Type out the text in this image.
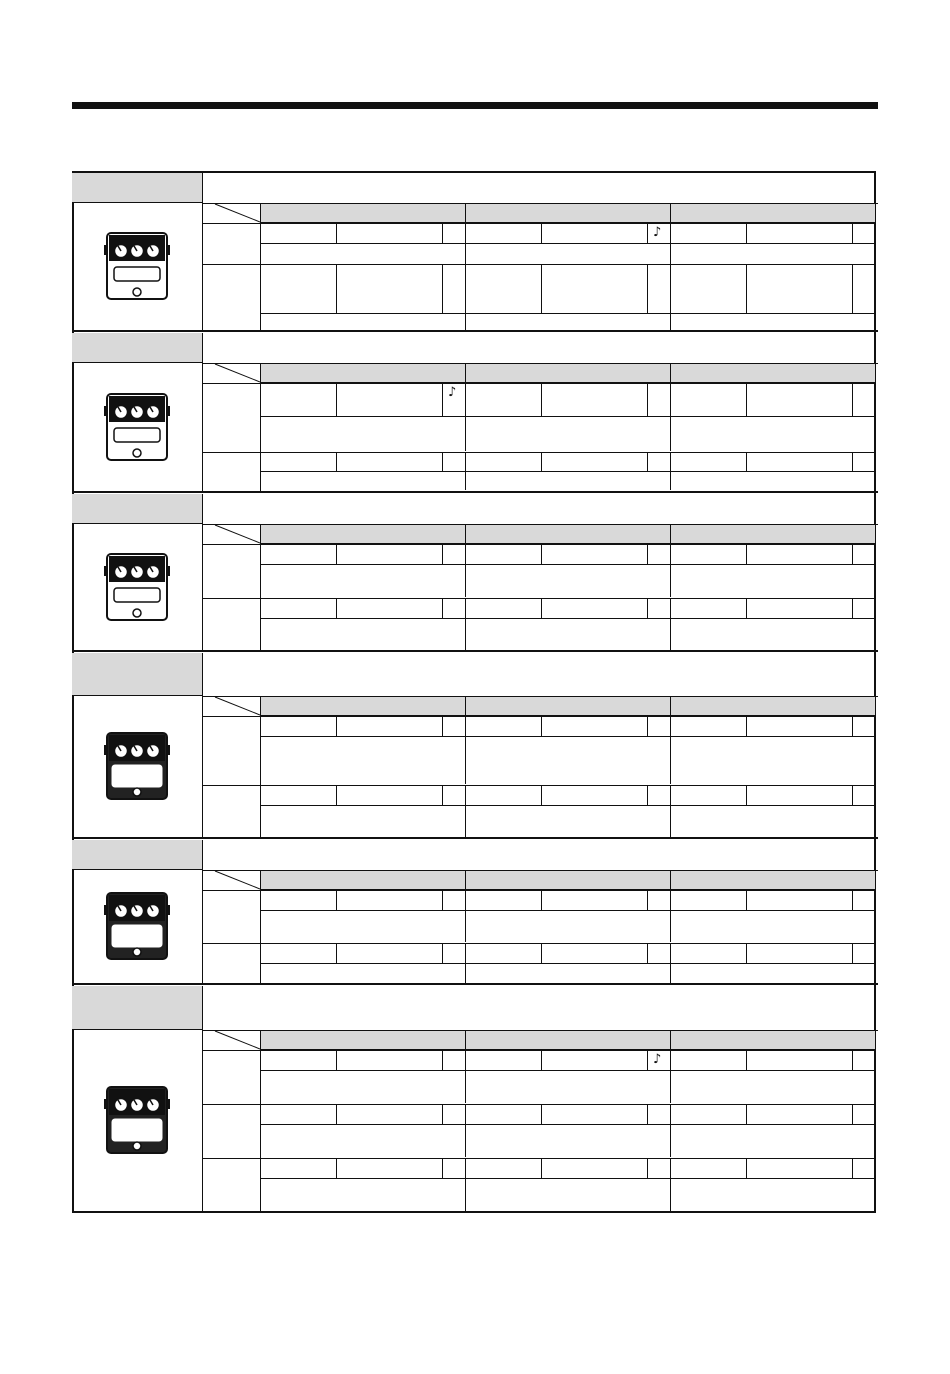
♪
♪
♪
